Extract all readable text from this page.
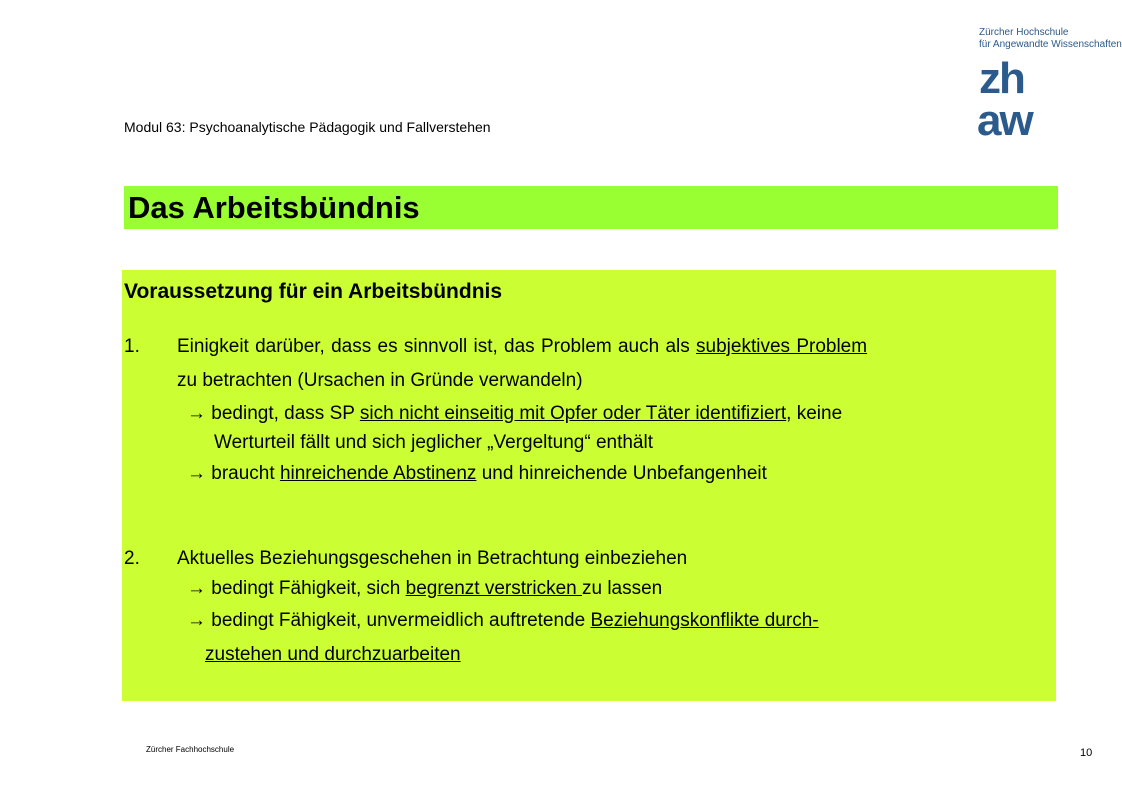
Zürcher Hochschule
für Angewandte Wissenschaften
zh
aw
Modul 63: Psychoanalytische Pädagogik und Fallverstehen
Das Arbeitsbündnis
Voraussetzung für ein Arbeitsbündnis
1. Einigkeit darüber, dass es sinnvoll ist, das Problem auch als subjektives Problem
zu betrachten (Ursachen in Gründe verwandeln)
→ bedingt, dass SP sich nicht einseitig mit Opfer oder Täter identifiziert, keine
Werturteil fällt und sich jeglicher „Vergeltung“ enthält
→ braucht hinreichende Abstinenz und hinreichende Unbefangenheit
2. Aktuelles Beziehungsgeschehen in Betrachtung einbeziehen
→ bedingt Fähigkeit, sich begrenzt verstricken zu lassen
→ bedingt Fähigkeit, unvermeidlich auftretende Beziehungskonflikte durch-
zustehen und durchzuarbeiten
Zürcher Fachhochschule	10
